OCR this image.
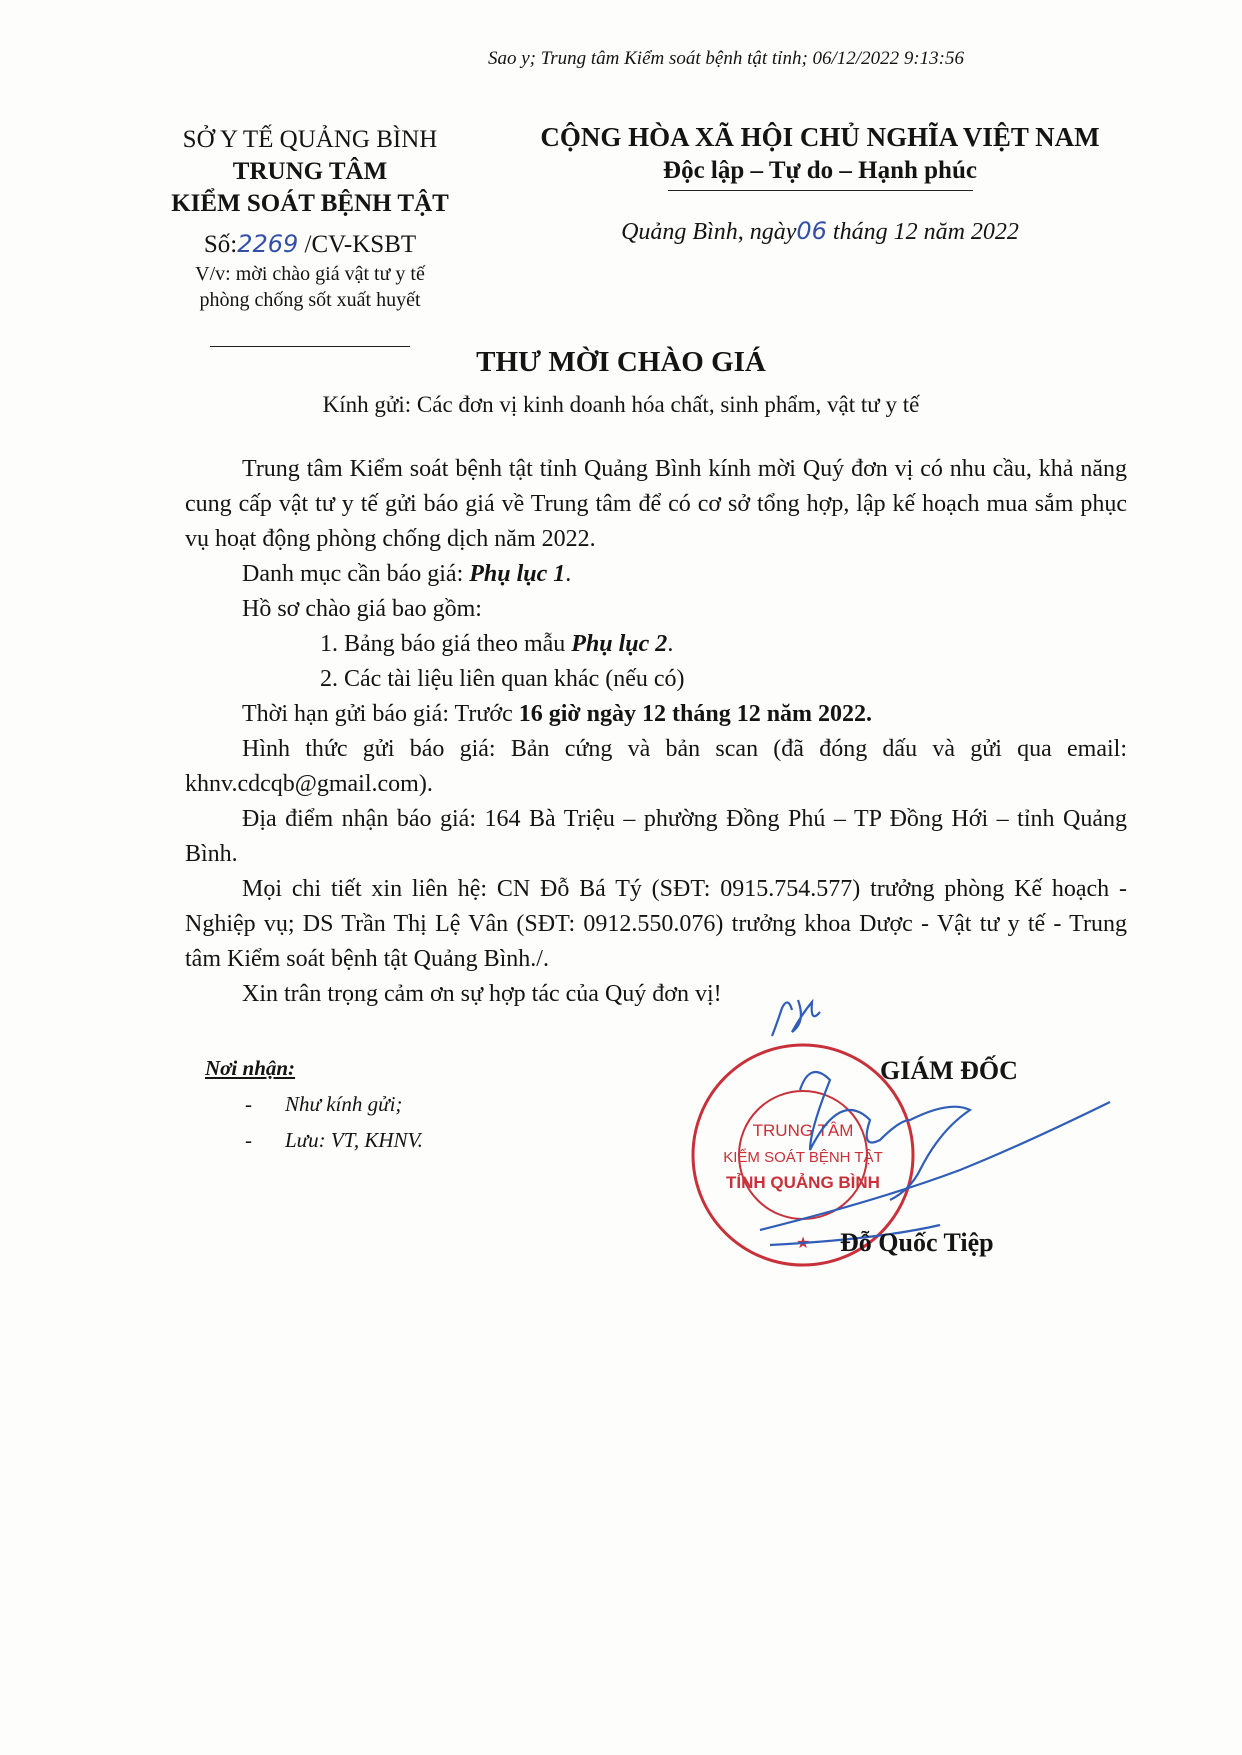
Sao y; Trung tâm Kiểm soát bệnh tật tỉnh; 06/12/2022 9:13:56
SỞ Y TẾ QUẢNG BÌNH
TRUNG TÂM
KIỂM SOÁT BỆNH TẬT
Số:2269 /CV-KSBT
V/v: mời chào giá vật tư y tế
phòng chống sốt xuất huyết
CỘNG HÒA XÃ HỘI CHỦ NGHĨA VIỆT NAM
Độc lập – Tự do – Hạnh phúc
Quảng Bình, ngày06 tháng 12 năm 2022
THƯ MỜI CHÀO GIÁ
Kính gửi: Các đơn vị kinh doanh hóa chất, sinh phẩm, vật tư y tế

Trung tâm Kiểm soát bệnh tật tỉnh Quảng Bình kính mời Quý đơn vị có nhu cầu, khả năng cung cấp vật tư y tế gửi báo giá về Trung tâm để có cơ sở tổng hợp, lập kế hoạch mua sắm phục vụ hoạt động phòng chống dịch năm 2022.

Danh mục cần báo giá: Phụ lục 1.

Hồ sơ chào giá bao gồm:

1. Bảng báo giá theo mẫu Phụ lục 2.

2. Các tài liệu liên quan khác (nếu có)

Thời hạn gửi báo giá: Trước 16 giờ ngày 12 tháng 12 năm 2022.

Hình thức gửi báo giá: Bản cứng và bản scan (đã đóng dấu và gửi qua email: khnv.cdcqb@gmail.com).

Địa điểm nhận báo giá: 164 Bà Triệu – phường Đồng Phú – TP Đồng Hới – tỉnh Quảng Bình.

Mọi chi tiết xin liên hệ: CN Đỗ Bá Tý (SĐT: 0915.754.577) trưởng phòng Kế hoạch - Nghiệp vụ; DS Trần Thị Lệ Vân (SĐT: 0912.550.076) trưởng khoa Dược - Vật tư y tế - Trung tâm Kiểm soát bệnh tật Quảng Bình./.

Xin trân trọng cảm ơn sự hợp tác của Quý đơn vị!

Nơi nhận:
- Như kính gửi;
- Lưu: VT, KHNV.	TRUNG TÂM
KIỂM SOÁT BỆNH TẬT
TỈNH QUẢNG BÌNH
★
GIÁM ĐỐC
Đỗ Quốc Tiệp
